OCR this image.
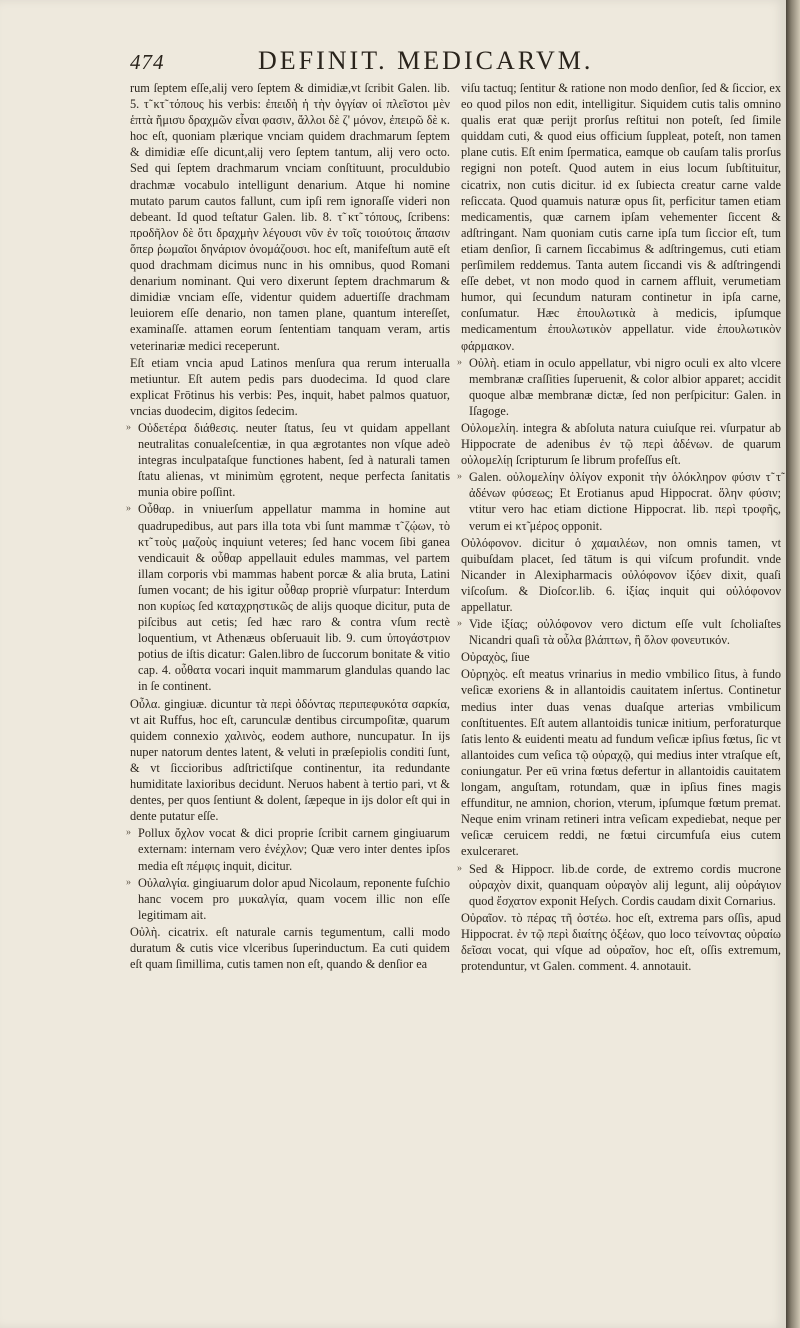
474	DEFINIT. MEDICARVM.

rum ſeptem eſſe,alij vero ſeptem & dimidiæ,vt ſcribit Galen. lib. 5. τ̃ κτ̃ τόπους his verbis: ἐπειδὴ ἡ τὴν ὀγγίαν οἱ πλεῖστοι μὲν ἑπτὰ ἥμισυ δραχμῶν εἶναι φασιν, ἄλλοι δὲ ζ' μόνον, ἐπειρῶ δὲ κ. hoc eſt, quoniam plærique vnciam quidem drachmarum ſeptem & dimidiæ eſſe dicunt,alij vero ſeptem tantum, alij vero octo. Sed qui ſeptem drachmarum vnciam conſtituunt, proculdubio drachmæ vocabulo intelligunt denarium. Atque hi nomine mutato parum cautos fallunt, cum ipſi rem ignoraſſe videri non debeant. Id quod teſtatur Galen. lib. 8. τ̃ κτ̃ τόπους, ſcribens: προδῆλον δὲ ὅτι δραχμὴν λέγουσι νῦν ἐν τοῖς τοιούτοις ἅπασιν ὅπερ ῥωμαῖοι δηνάριον ὀνομάζουσι. hoc eſt, manifeſtum autē eſt quod drachmam dicimus nunc in his omnibus, quod Romani denarium nominant. Qui vero dixerunt ſeptem drachmarum & dimidiæ vnciam eſſe, videntur quidem aduertiſſe drachmam leuiorem eſſe denario, non tamen plane, quantum intereſſet, examinaſſe. attamen eorum ſententiam tanquam veram, artis veterinariæ medici receperunt.

Eſt etiam vncia apud Latinos menſura qua rerum interualla metiuntur. Eſt autem pedis pars duodecima. Id quod clare explicat Frōtinus his verbis: Pes, inquit, habet palmos quatuor, vncias duodecim, digitos ſedecim.

» Οὐδετέρα διάθεσις. neuter ſtatus, ſeu vt quidam appellant neutralitas conualeſcentiæ, in qua ægrotantes non vſque adeò integras inculpataſque functiones habent, ſed à naturali tamen ſtatu alienas, vt minimùm ęgrotent, neque perfecta ſanitatis munia obire poſſint.

» Οὖθαρ. in vniuerſum appellatur mamma in homine aut quadrupedibus, aut pars illa tota vbi ſunt mammæ τ̃ ζῴων, τὸ κτ̃ τοὺς μαζοὺς inquiunt veteres; ſed hanc vocem ſibi ganea vendicauit & οὖθαρ appellauit edules mammas, vel partem illam corporis vbi mammas habent porcæ & alia bruta, Latini ſumen vocant; de his igitur οὖθαρ propriè vſurpatur: Interdum non κυρίως ſed καταχρηστικῶς de alijs quoque dicitur, puta de piſcibus aut cetis; ſed hæc raro & contra vſum rectè loquentium, vt Athenæus obſeruauit lib. 9. cum ὑπογάστριον potius de iſtis dicatur: Galen.libro de ſuccorum bonitate & vitio cap. 4. οὖθατα vocari inquit mammarum glandulas quando lac in ſe continent.

Οὖλα. gingiuæ. dicuntur τὰ περὶ ὀδόντας περιπεφυκότα σαρκία, vt ait Ruffus, hoc eſt, carunculæ dentibus circumpoſitæ, quarum quidem connexio χαλινὸς, eodem authore, nuncupatur. In ijs nuper natorum dentes latent, & veluti in præſepiolis conditi ſunt, & vt ſiccioribus adſtrictiſque continentur, ita redundante humiditate laxioribus decidunt. Neruos habent à tertio pari, vt & dentes, per quos ſentiunt & dolent, ſæpeque in ijs dolor eſt qui in dente putatur eſſe.

» Pollux ὄχλον vocat & dici proprie ſcribit carnem gingiuarum externam: internam vero ἐνέχλον; Quæ vero inter dentes ipſos media eſt πέμφις inquit, dicitur.

» Οὐλαλγία. gingiuarum dolor apud Nicolaum, reponente fuſchio hanc vocem pro μυκαλγία, quam vocem illic non eſſe legitimam ait.

Οὐλὴ. cicatrix. eſt naturale carnis tegumentum, calli modo duratum & cutis vice vlceribus ſuperinductum. Ea cuti quidem eſt quam ſimillima, cutis tamen non eſt, quando & denſior ea

viſu tactuq; ſentitur & ratione non modo denſior, ſed & ſiccior, ex eo quod pilos non edit, intelligitur. Siquidem cutis talis omnino qualis erat quæ perijt prorſus reſtitui non poteſt, ſed ſimile quiddam cuti, & quod eius officium ſuppleat, poteſt, non tamen plane cutis. Eſt enim ſpermatica, eamque ob cauſam talis prorſus regigni non poteſt. Quod autem in eius locum ſubſtituitur, cicatrix, non cutis dicitur. id ex ſubiecta creatur carne valde reſiccata. Quod quamuis naturæ opus ſit, perficitur tamen etiam medicamentis, quæ carnem ipſam vehementer ſiccent & adſtringant. Nam quoniam cutis carne ipſa tum ſiccior eſt, tum etiam denſior, ſi carnem ſiccabimus & adſtringemus, cuti etiam perſimilem reddemus. Tanta autem ſiccandi vis & adſtringendi eſſe debet, vt non modo quod in carnem affluit, verumetiam humor, qui ſecundum naturam continetur in ipſa carne, conſumatur. Hæc ἐπουλωτικὰ à medicis, ipſumque medicamentum ἐπουλωτικὸν appellatur. vide ἐπουλωτικὸν φάρμακον.

» Οὐλὴ. etiam in oculo appellatur, vbi nigro oculi ex alto vlcere membranæ craſſities ſuperuenit, & color albior apparet; accidit quoque albæ membranæ dictæ, ſed non perſpicitur: Galen. in Iſagoge.

Οὐλομελίη. integra & abſoluta natura cuiuſque rei. vſurpatur ab Hippocrate de adenibus ἐν τῷ περὶ ἀδένων. de quarum οὐλομελίῃ ſcripturum ſe librum profeſſus eſt.

» Galen. οὐλομελίην ὀλίγον exponit τὴν ὁλόκληρον φύσιν τ̃ τ̃ ἀδένων φύσεως; Et Erotianus apud Hippocrat. ὅλην φύσιν; vtitur vero hac etiam dictione Hippocrat. lib. περὶ τροφῆς, verum ei κτ̃ μέρος opponit.

Οὐλόφονον. dicitur ὁ χαμαιλέων, non omnis tamen, vt quibuſdam placet, ſed tātum is qui viſcum profundit. vnde Nicander in Alexipharmacis οὐλόφονον ἰξόεν dixit, quaſi viſcoſum. & Dioſcor.lib. 6. ἰξίας inquit qui οὐλόφονον appellatur.

» Vide ἰξίας; οὐλόφονον vero dictum eſſe vult ſcholiaſtes Nicandri quaſi τὰ οὖλα βλάπτων, ἢ ὅλον φονευτικόν.

Οὐραχὸς, ſiue

Οὐρηχὸς. eſt meatus vrinarius in medio vmbilico ſitus, à fundo veſicæ exoriens & in allantoidis cauitatem inſertus. Continetur medius inter duas venas duaſque arterias vmbilicum conſtituentes. Eſt autem allantoidis tunicæ initium, perforaturque ſatis lento & euidenti meatu ad fundum veſicæ ipſius fœtus, ſic vt allantoides cum veſica τῷ οὐραχῷ, qui medius inter vtraſque eſt, coniungatur. Per eū vrina fœtus defertur in allantoidis cauitatem longam, anguſtam, rotundam, quæ in ipſius fines magis effunditur, ne amnion, chorion, vterum, ipſumque fœtum premat. Neque enim vrinam retineri intra veſicam expediebat, neque per veſicæ ceruicem reddi, ne fœtui circumfuſa eius cutem exulceraret.

» Sed & Hippocr. lib.de corde, de extremo cordis mucrone οὐραχὸν dixit, quanquam οὐραγὸν alij legunt, alij οὐράγιον quod ἔσχατον exponit Heſych. Cordis caudam dixit Cornarius.

Οὐραῖον. τὸ πέρας τῆ ὀστέω. hoc eſt, extrema pars oſſis, apud Hippocrat. ἐν τῷ περὶ διαίτης ὀξέων, quo loco τείνοντας οὐραίω δεῖσαι vocat, qui vſque ad οὐραῖον, hoc eſt, oſſis extremum, protenduntur, vt Galen. comment. 4. annotauit.
